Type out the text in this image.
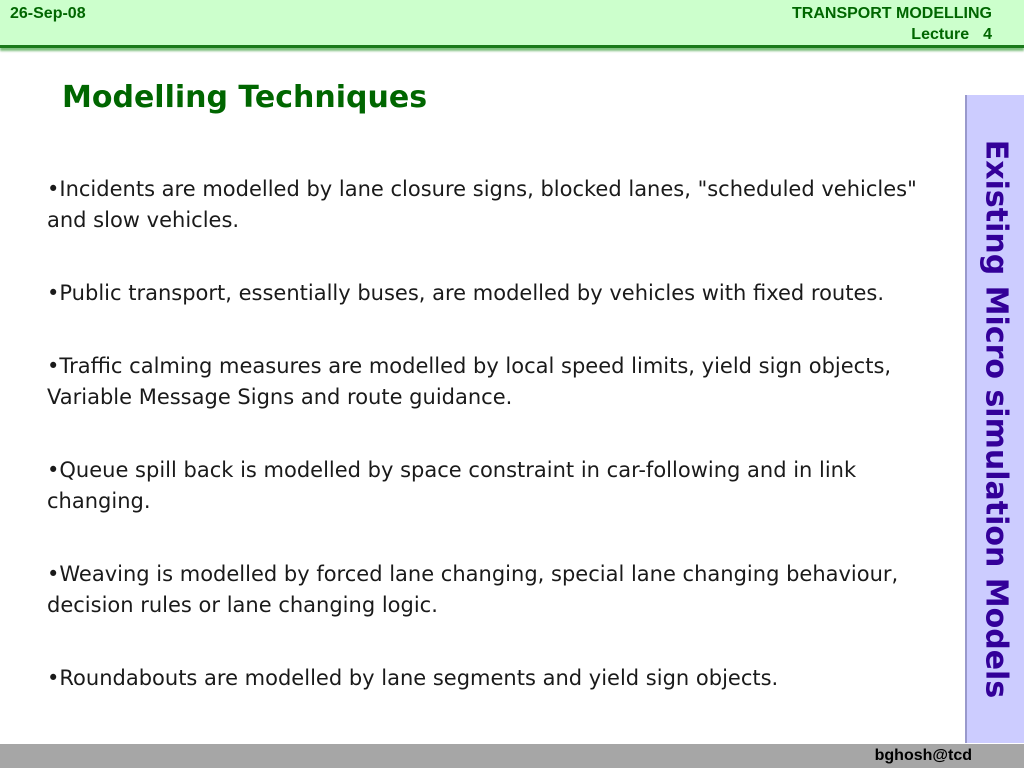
26-Sep-08	TRANSPORT MODELLING
Lecture 4
Modelling Techniques
•Incidents are modelled by lane closure signs, blocked lanes, "scheduled vehicles" and slow vehicles.
•Public transport, essentially buses, are modelled by vehicles with fixed routes.
•Traffic calming measures are modelled by local speed limits, yield sign objects, Variable Message Signs and route guidance.
•Queue spill back is modelled by space constraint in car-following and in link changing.
•Weaving is modelled by forced lane changing, special lane changing behaviour, decision rules or lane changing logic.
•Roundabouts are modelled by lane segments and yield sign objects.	Existing Micro simulation Models
bghosh@tcd
